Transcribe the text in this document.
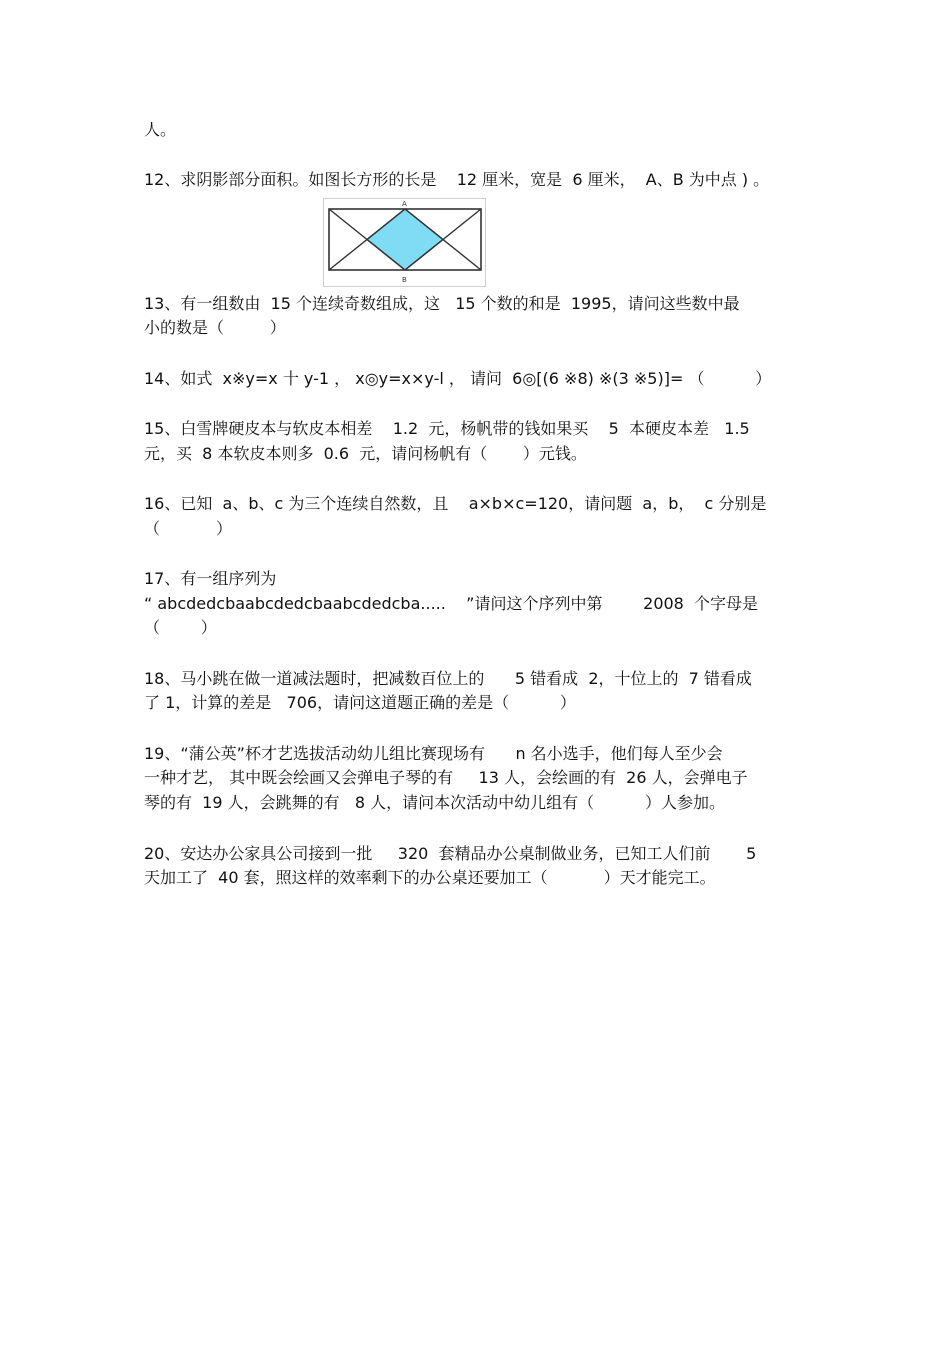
人。

12、求阴影部分面积。如图长方形的长是    12 厘米，宽是  6 厘米，  A、B 为中点 ) 。

A
B

13、有一组数由  15 个连续奇数组成，这   15 个数的和是  1995，请问这些数中最

小的数是（         ）

14、如式  x※y=x 十 y-1 ， x◎y=x×y-l ， 请问  6◎[(6 ※8) ※(3 ※5)]= （          ）

15、白雪牌硬皮本与软皮本相差    1.2  元，杨帆带的钱如果买    5  本硬皮本差   1.5

元，买  8 本软皮本则多  0.6  元，请问杨帆有（       ）元钱。

16、已知  a、b、c 为三个连续自然数，且    a×b×c=120，请问题  a，b，  c 分别是

（           ）

17、有一组序列为

“ abcdedcbaabcdedcbaabcdedcba.....    ”请问这个序列中第        2008  个字母是

（        ）

18、马小跳在做一道减法题时，把减数百位上的      5 错看成  2，十位上的  7 错看成

了 1，计算的差是   706，请问这道题正确的差是（          ）

19、“蒲公英”杯才艺选拔活动幼儿组比赛现场有      n 名小选手，他们每人至少会

一种才艺， 其中既会绘画又会弹电子琴的有     13 人，会绘画的有  26 人，会弹电子

琴的有  19 人，会跳舞的有   8 人，请问本次活动中幼儿组有（          ）人参加。

20、安达办公家具公司接到一批     320  套精品办公桌制做业务，已知工人们前       5

天加工了  40 套，照这样的效率剩下的办公桌还要加工（           ）天才能完工。
